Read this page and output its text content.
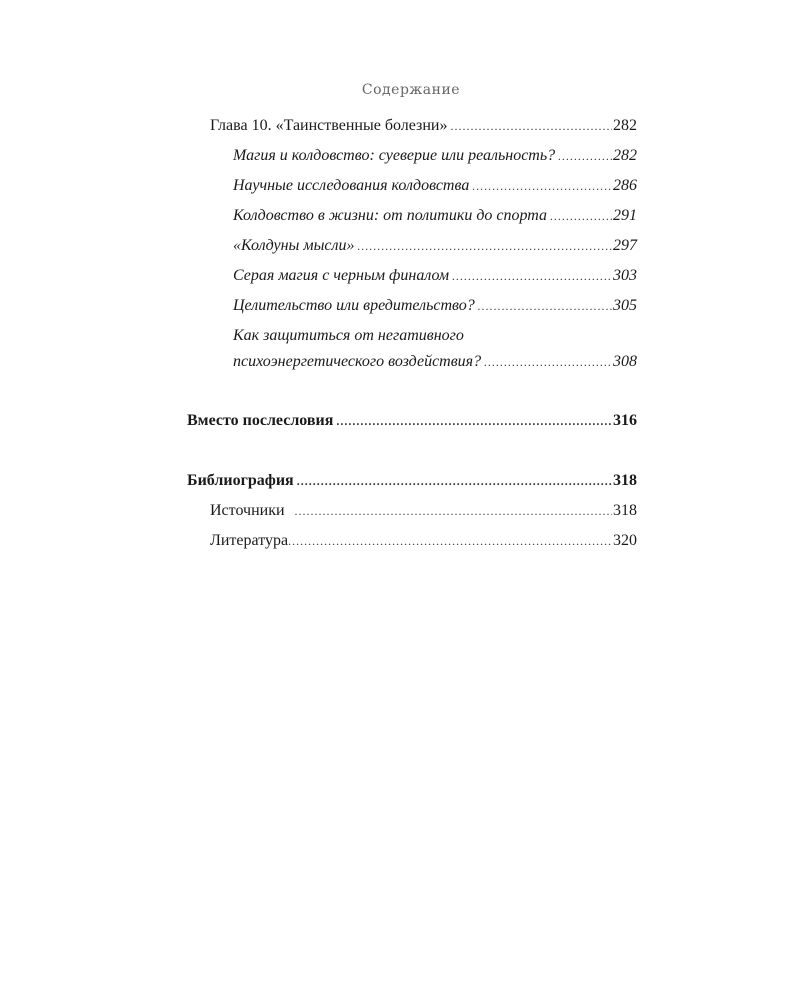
Содержание
Глава 10. «Таинственные болезни» .....	282
Магия и колдовство: суеверие или реальность? .....	282
Научные исследования колдовства .....	286
Колдовство в жизни: от политики до спорта .....	291
«Колдуны мысли» .....	297
Серая магия с черным финалом .....	303
Целительство или вредительство? .....	305
Как защититься от негативного
психоэнергетического воздействия? .....	308
Вместо послесловия .....	316
Библиография .....	318
Источники .....	318
Литература .....	320
